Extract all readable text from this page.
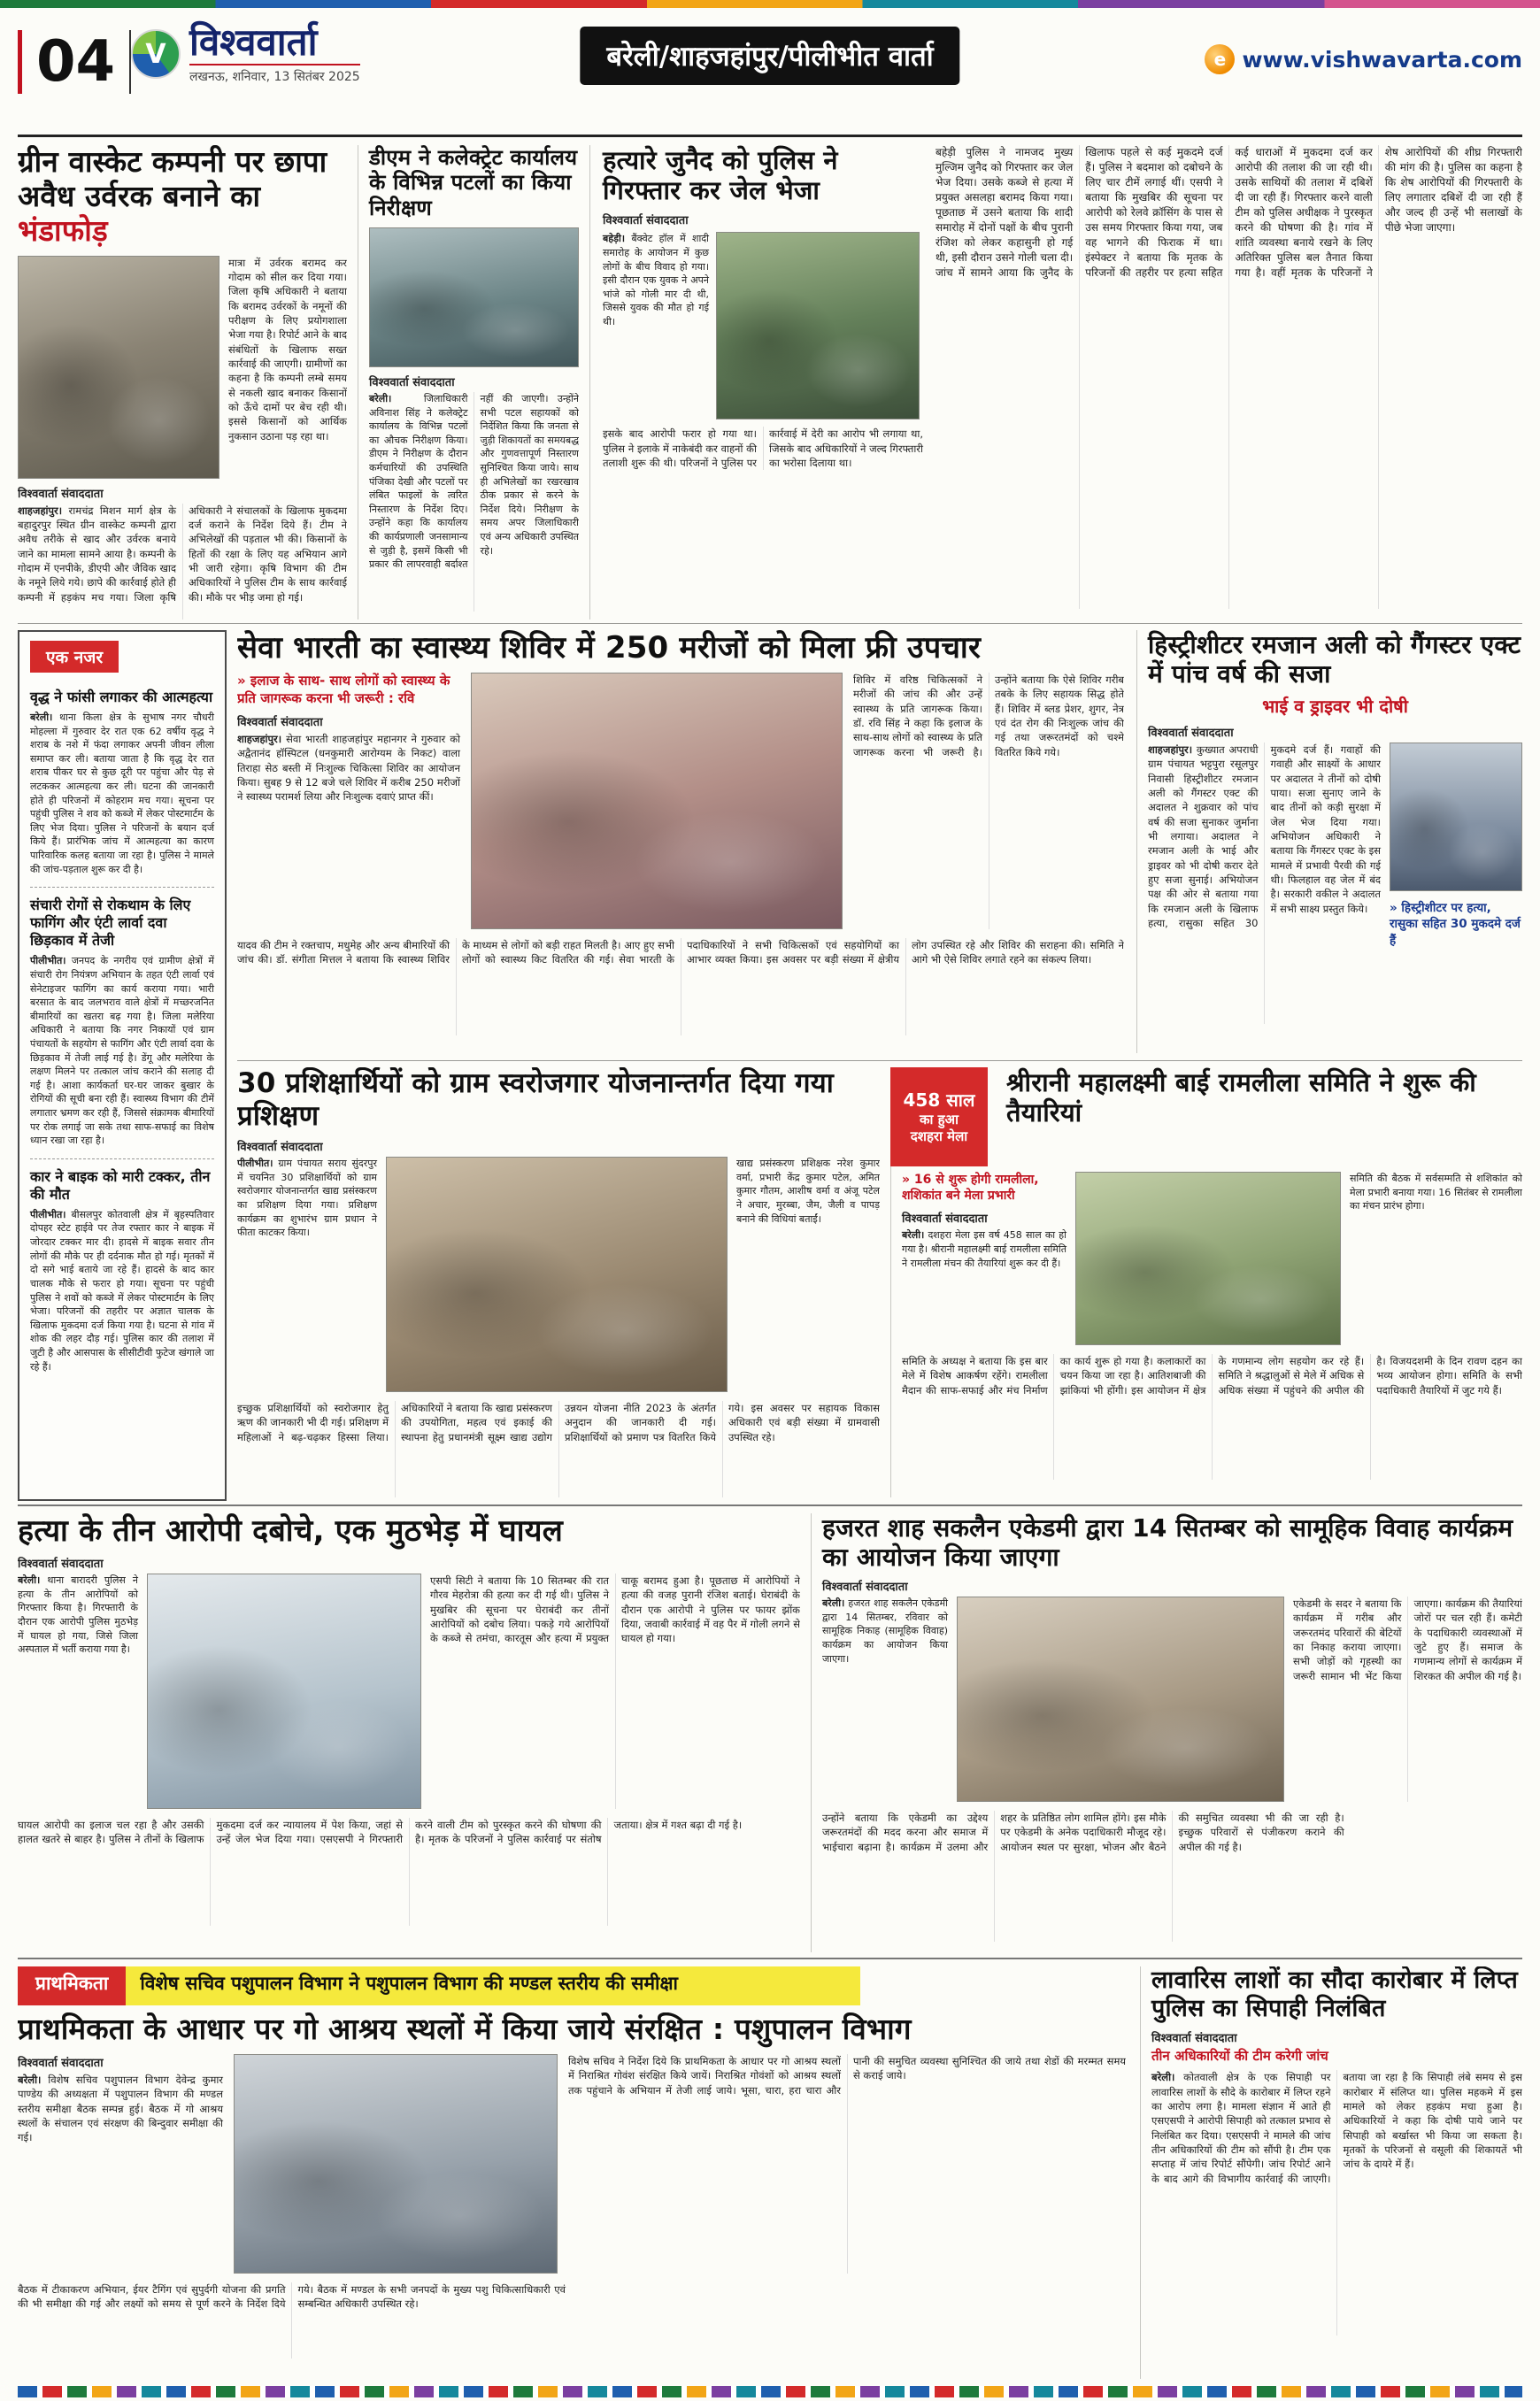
04	V विश्ववार्ता
लखनऊ, शनिवार, 13 सितंबर 2025
बरेली/शाहजहांपुर/पीलीभीत वार्ता	e www.vishwavarta.com
ग्रीन वास्केट कम्पनी पर छापा
अवैध उर्वरक बनाने का भंडाफोड़
मात्रा में उर्वरक बरामद कर गोदाम को सील कर दिया गया। जिला कृषि अधिकारी ने बताया कि बरामद उर्वरकों के नमूनों की परीक्षण के लिए प्रयोगशाला भेजा गया है। रिपोर्ट आने के बाद संबंधितों के खिलाफ सख्त कार्रवाई की जाएगी। ग्रामीणों का कहना है कि कम्पनी लम्बे समय से नकली खाद बनाकर किसानों को ऊँचे दामों पर बेच रही थी। इससे किसानों को आर्थिक नुकसान उठाना पड़ रहा था।
विश्ववार्ता संवाददाता
शाहजहांपुर। रामचंद्र मिशन मार्ग क्षेत्र के बहादुरपुर स्थित ग्रीन वास्केट कम्पनी द्वारा अवैध तरीके से खाद और उर्वरक बनाये जाने का मामला सामने आया है। कम्पनी के गोदाम में एनपीके, डीएपी और जैविक खाद के नमूने लिये गये। छापे की कार्रवाई होते ही कम्पनी में हड़कंप मच गया। जिला कृषि अधिकारी ने संचालकों के खिलाफ मुकदमा दर्ज कराने के निर्देश दिये हैं। टीम ने अभिलेखों की पड़ताल भी की। किसानों के हितों की रक्षा के लिए यह अभियान आगे भी जारी रहेगा। कृषि विभाग की टीम अधिकारियों ने पुलिस टीम के साथ कार्रवाई की। मौके पर भीड़ जमा हो गई।
डीएम ने कलेक्ट्रेट कार्यालय के विभिन्न पटलों का किया निरीक्षण
विश्ववार्ता संवाददाता
बरेली।	जिलाधिकारी अविनाश सिंह ने कलेक्ट्रेट कार्यालय के विभिन्न पटलों का औचक निरीक्षण किया। डीएम ने निरीक्षण के दौरान कर्मचारियों की उपस्थिति पंजिका देखी और पटलों पर लंबित फाइलों के त्वरित निस्तारण के निर्देश दिए। उन्होंने कहा कि कार्यालय की कार्यप्रणाली जनसामान्य से जुड़ी है, इसमें किसी भी प्रकार की लापरवाही बर्दाश्त नहीं की जाएगी। उन्होंने सभी पटल सहायकों को निर्देशित किया कि जनता से जुड़ी शिकायतों का समयबद्ध और गुणवत्तापूर्ण निस्तारण सुनिश्चित किया जाये। साथ ही अभिलेखों का रखरखाव ठीक प्रकार से करने के निर्देश दिये। निरीक्षण के समय अपर जिलाधिकारी एवं अन्य अधिकारी उपस्थित रहे।
हत्यारे जुनैद को पुलिस ने गिरफ्तार कर जेल भेजा
विश्ववार्ता संवाददाता
बहेड़ी। बैंक्वेट हॉल में शादी समारोह के आयोजन में कुछ लोगों के बीच विवाद हो गया। इसी दौरान एक युवक ने अपने भांजे को गोली मार दी थी, जिससे युवक की मौत हो गई थी।
इसके बाद आरोपी फरार हो गया था। पुलिस ने इलाके में नाकेबंदी कर वाहनों की तलाशी शुरू की थी। परिजनों ने पुलिस पर कार्रवाई में देरी का आरोप भी लगाया था, जिसके बाद अधिकारियों ने जल्द गिरफ्तारी का भरोसा दिलाया था।
बहेड़ी पुलिस ने नामजद मुख्य मुल्जिम जुनैद को गिरफ्तार कर जेल भेज दिया। उसके कब्जे से हत्या में प्रयुक्त असलहा बरामद किया गया। पूछताछ में उसने बताया कि शादी समारोह में दोनों पक्षों के बीच पुरानी रंजिश को लेकर कहासुनी हो गई थी, इसी दौरान उसने गोली चला दी। जांच में सामने आया कि जुनैद के खिलाफ पहले से कई मुकदमे दर्ज हैं। पुलिस ने बदमाश को दबोचने के लिए चार टीमें लगाई थीं। एसपी ने बताया कि मुखबिर की सूचना पर आरोपी को रेलवे क्रॉसिंग के पास से उस समय गिरफ्तार किया गया, जब वह भागने की फिराक में था। इंस्पेक्टर ने बताया कि मृतक के परिजनों की तहरीर पर हत्या सहित कई धाराओं में मुकदमा दर्ज कर आरोपी की तलाश की जा रही थी। उसके साथियों की तलाश में दबिशें दी जा रही हैं। गिरफ्तार करने वाली टीम को पुलिस अधीक्षक ने पुरस्कृत करने की घोषणा की है। गांव में शांति व्यवस्था बनाये रखने के लिए अतिरिक्त पुलिस बल तैनात किया गया है। वहीं मृतक के परिजनों ने शेष आरोपियों की शीघ्र गिरफ्तारी की मांग की है। पुलिस का कहना है कि शेष आरोपियों की गिरफ्तारी के लिए लगातार दबिशें दी जा रही हैं और जल्द ही उन्हें भी सलाखों के पीछे भेजा जाएगा।
एक नजर
वृद्ध ने फांसी लगाकर की आत्महत्या
बरेली। थाना किला क्षेत्र के सुभाष नगर चौधरी मोहल्ला में गुरुवार देर रात एक 62 वर्षीय वृद्ध ने शराब के नशे में फंदा लगाकर अपनी जीवन लीला समाप्त कर ली। बताया जाता है कि वृद्ध देर रात शराब पीकर घर से कुछ दूरी पर पहुंचा और पेड़ से लटककर आत्महत्या कर ली। घटना की जानकारी होते ही परिजनों में कोहराम मच गया। सूचना पर पहुंची पुलिस ने शव को कब्जे में लेकर पोस्टमार्टम के लिए भेज दिया। पुलिस ने परिजनों के बयान दर्ज किये हैं। प्रारंभिक जांच में आत्महत्या का कारण पारिवारिक कलह बताया जा रहा है। पुलिस ने मामले की जांच-पड़ताल शुरू कर दी है।
संचारी रोगों से रोकथाम के लिए फागिंग और एंटी लार्वा दवा छिड़काव में तेजी
पीलीभीत। जनपद के नगरीय एवं ग्रामीण क्षेत्रों में संचारी रोग नियंत्रण अभियान के तहत एंटी लार्वा एवं सेनेटाइजर फागिंग का कार्य कराया गया। भारी बरसात के बाद जलभराव वाले क्षेत्रों में मच्छरजनित बीमारियों का खतरा बढ़ गया है। जिला मलेरिया अधिकारी ने बताया कि नगर निकायों एवं ग्राम पंचायतों के सहयोग से फागिंग और एंटी लार्वा दवा के छिड़काव में तेजी लाई गई है। डेंगू और मलेरिया के लक्षण मिलने पर तत्काल जांच कराने की सलाह दी गई है। आशा कार्यकर्ता घर-घर जाकर बुखार के रोगियों की सूची बना रही हैं। स्वास्थ्य विभाग की टीमें लगातार भ्रमण कर रही हैं, जिससे संक्रामक बीमारियों पर रोक लगाई जा सके तथा साफ-सफाई का विशेष ध्यान रखा जा रहा है।
कार ने बाइक को मारी टक्कर, तीन की मौत
पीलीभीत। बीसलपुर कोतवाली क्षेत्र में बृहस्पतिवार दोपहर स्टेट हाईवे पर तेज रफ्तार कार ने बाइक में जोरदार टक्कर मार दी। हादसे में बाइक सवार तीन लोगों की मौके पर ही दर्दनाक मौत हो गई। मृतकों में दो सगे भाई बताये जा रहे हैं। हादसे के बाद कार चालक मौके से फरार हो गया। सूचना पर पहुंची पुलिस ने शवों को कब्जे में लेकर पोस्टमार्टम के लिए भेजा। परिजनों की तहरीर पर अज्ञात चालक के खिलाफ मुकदमा दर्ज किया गया है। घटना से गांव में शोक की लहर दौड़ गई। पुलिस कार की तलाश में जुटी है और आसपास के सीसीटीवी फुटेज खंगाले जा रहे हैं।
सेवा भारती का स्वास्थ्य शिविर में 250 मरीजों को मिला फ्री उपचार
» इलाज के साथ- साथ लोगों को स्वास्थ्य के प्रति जागरूक करना भी जरूरी : रवि
विश्ववार्ता संवाददाता
शाहजहांपुर। सेवा भारती शाहजहांपुर महानगर ने गुरुवार को अद्वैतानंद हॉस्पिटल (धनकुमारी आरोग्यम के निकट) वाला तिराहा सेठ बस्ती में निःशुल्क चिकित्सा शिविर का आयोजन किया। सुबह 9 से 12 बजे चले शिविर में करीब 250 मरीजों ने स्वास्थ्य परामर्श लिया और निःशुल्क दवाएं प्राप्त कीं।
शिविर में वरिष्ठ चिकित्सकों ने मरीजों की जांच की और उन्हें स्वास्थ्य के प्रति जागरूक किया। डॉ. रवि सिंह ने कहा कि इलाज के साथ-साथ लोगों को स्वास्थ्य के प्रति जागरूक करना भी जरूरी है। उन्होंने बताया कि ऐसे शिविर गरीब तबके के लिए सहायक सिद्ध होते हैं। शिविर में ब्लड प्रेशर, शुगर, नेत्र एवं दंत रोग की निःशुल्क जांच की गई तथा जरूरतमंदों को चश्मे वितरित किये गये।
यादव की टीम ने रक्तचाप, मधुमेह और अन्य बीमारियों की जांच की। डॉ. संगीता मित्तल ने बताया कि स्वास्थ्य शिविर के माध्यम से लोगों को बड़ी राहत मिलती है। आए हुए सभी लोगों को स्वास्थ्य किट वितरित की गई। सेवा भारती के पदाधिकारियों ने सभी चिकित्सकों एवं सहयोगियों का आभार व्यक्त किया। इस अवसर पर बड़ी संख्या में क्षेत्रीय लोग उपस्थित रहे और शिविर की सराहना की। समिति ने आगे भी ऐसे शिविर लगाते रहने का संकल्प लिया।
हिस्ट्रीशीटर रमजान अली को गैंगस्टर एक्ट में पांच वर्ष की सजा
भाई व ड्राइवर भी दोषी
विश्ववार्ता संवाददाता
शाहजहांपुर। कुख्यात अपराधी ग्राम पंचायत भट्टपुरा रसूलपुर निवासी हिस्ट्रीशीटर रमजान अली को गैंगस्टर एक्ट की अदालत ने शुक्रवार को पांच वर्ष की सजा सुनाकर जुर्माना भी लगाया। अदालत ने रमजान अली के भाई और ड्राइवर को भी दोषी करार देते हुए सजा सुनाई। अभियोजन पक्ष की ओर से बताया गया कि रमजान अली के खिलाफ हत्या, रासुका सहित 30 मुकदमे दर्ज हैं। गवाहों की गवाही और साक्ष्यों के आधार पर अदालत ने तीनों को दोषी पाया। सजा सुनाए जाने के बाद तीनों को कड़ी सुरक्षा में जेल भेज दिया गया। अभियोजन अधिकारी ने बताया कि गैंगस्टर एक्ट के इस मामले में प्रभावी पैरवी की गई थी। फिलहाल वह जेल में बंद है। सरकारी वकील ने अदालत में सभी साक्ष्य प्रस्तुत किये।	» हिस्ट्रीशीटर पर हत्या, रासुका सहित 30 मुकदमे दर्ज हैं
30 प्रशिक्षार्थियों को ग्राम स्वरोजगार योजनान्तर्गत दिया गया प्रशिक्षण
विश्ववार्ता संवाददाता
पीलीभीत। ग्राम पंचायत सराय सुंदरपुर में चयनित 30 प्रशिक्षार्थियों को ग्राम स्वरोजगार योजनान्तर्गत खाद्य प्रसंस्करण का प्रशिक्षण दिया गया। प्रशिक्षण कार्यक्रम का शुभारंभ ग्राम प्रधान ने फीता काटकर किया।
खाद्य प्रसंस्करण प्रशिक्षक नरेश कुमार वर्मा, प्रभारी केंद्र कुमार पटेल, अमित कुमार गौतम, आशीष वर्मा व अंजू पटेल ने अचार, मुरब्बा, जैम, जैली व पापड़ बनाने की विधियां बताईं।
इच्छुक प्रशिक्षार्थियों को स्वरोजगार हेतु ऋण की जानकारी भी दी गई। प्रशिक्षण में महिलाओं ने बढ़-चढ़कर हिस्सा लिया। अधिकारियों ने बताया कि खाद्य प्रसंस्करण की उपयोगिता, महत्व एवं इकाई की स्थापना हेतु प्रधानमंत्री सूक्ष्म खाद्य उद्योग उन्नयन योजना नीति 2023 के अंतर्गत अनुदान की जानकारी दी गई। प्रशिक्षार्थियों को प्रमाण पत्र वितरित किये गये। इस अवसर पर सहायक विकास अधिकारी एवं बड़ी संख्या में ग्रामवासी उपस्थित रहे।
458 साल
का हुआ
दशहरा मेला
श्रीरानी महालक्ष्मी बाई रामलीला समिति ने शुरू की तैयारियां
» 16 से शुरू होगी रामलीला, शशिकांत बने मेला प्रभारी
विश्ववार्ता संवाददाता
बरेली। दशहरा मेला इस वर्ष 458 साल का हो गया है। श्रीरानी महालक्ष्मी बाई रामलीला समिति ने रामलीला मंचन की तैयारियां शुरू कर दी हैं।
समिति की बैठक में सर्वसम्मति से शशिकांत को मेला प्रभारी बनाया गया। 16 सितंबर से रामलीला का मंचन प्रारंभ होगा।
समिति के अध्यक्ष ने बताया कि इस बार मेले में विशेष आकर्षण रहेंगे। रामलीला मैदान की साफ-सफाई और मंच निर्माण का कार्य शुरू हो गया है। कलाकारों का चयन किया जा रहा है। आतिशबाजी की झांकियां भी होंगी। इस आयोजन में क्षेत्र के गणमान्य लोग सहयोग कर रहे हैं। समिति ने श्रद्धालुओं से मेले में अधिक से अधिक संख्या में पहुंचने की अपील की है। विजयदशमी के दिन रावण दहन का भव्य आयोजन होगा। समिति के सभी पदाधिकारी तैयारियों में जुट गये हैं।
हत्या के तीन आरोपी दबोचे, एक मुठभेड़ में घायल
विश्ववार्ता संवाददाता
बरेली। थाना बारादरी पुलिस ने हत्या के तीन आरोपियों को गिरफ्तार किया है। गिरफ्तारी के दौरान एक आरोपी पुलिस मुठभेड़ में घायल हो गया, जिसे जिला अस्पताल में भर्ती कराया गया है।
एसपी सिटी ने बताया कि 10 सितम्बर की रात गौरव मेहरोत्रा की हत्या कर दी गई थी। पुलिस ने मुखबिर की सूचना पर घेराबंदी कर तीनों आरोपियों को दबोच लिया। पकड़े गये आरोपियों के कब्जे से तमंचा, कारतूस और हत्या में प्रयुक्त चाकू बरामद हुआ है। पूछताछ में आरोपियों ने हत्या की वजह पुरानी रंजिश बताई। घेराबंदी के दौरान एक आरोपी ने पुलिस पर फायर झोंक दिया, जवाबी कार्रवाई में वह पैर में गोली लगने से घायल हो गया।
घायल आरोपी का इलाज चल रहा है और उसकी हालत खतरे से बाहर है। पुलिस ने तीनों के खिलाफ मुकदमा दर्ज कर न्यायालय में पेश किया, जहां से उन्हें जेल भेज दिया गया। एसएसपी ने गिरफ्तारी करने वाली टीम को पुरस्कृत करने की घोषणा की है। मृतक के परिजनों ने पुलिस कार्रवाई पर संतोष जताया। क्षेत्र में गश्त बढ़ा दी गई है।
हजरत शाह सकलैन एकेडमी द्वारा 14 सितम्बर को सामूहिक विवाह कार्यक्रम का आयोजन किया जाएगा
विश्ववार्ता संवाददाता
बरेली। हजरत शाह सकलैन एकेडमी द्वारा 14 सितम्बर, रविवार को सामूहिक निकाह (सामूहिक विवाह) कार्यक्रम का आयोजन किया जाएगा।
एकेडमी के सदर ने बताया कि कार्यक्रम में गरीब और जरूरतमंद परिवारों की बेटियों का निकाह कराया जाएगा। सभी जोड़ों को गृहस्थी का जरूरी सामान भी भेंट किया जाएगा। कार्यक्रम की तैयारियां जोरों पर चल रही हैं। कमेटी के पदाधिकारी व्यवस्थाओं में जुटे हुए हैं। समाज के गणमान्य लोगों से कार्यक्रम में शिरकत की अपील की गई है।
उन्होंने बताया कि एकेडमी का उद्देश्य जरूरतमंदों की मदद करना और समाज में भाईचारा बढ़ाना है। कार्यक्रम में उलमा और शहर के प्रतिष्ठित लोग शामिल होंगे। इस मौके पर एकेडमी के अनेक पदाधिकारी मौजूद रहे। आयोजन स्थल पर सुरक्षा, भोजन और बैठने की समुचित व्यवस्था भी की जा रही है। इच्छुक परिवारों से पंजीकरण कराने की अपील की गई है।
प्राथमिकता	विशेष सचिव पशुपालन विभाग ने पशुपालन विभाग की मण्डल स्तरीय की समीक्षा
प्राथमिकता के आधार पर गो आश्रय स्थलों में किया जाये संरक्षित : पशुपालन विभाग
विश्ववार्ता संवाददाता
बरेली। विशेष सचिव पशुपालन विभाग देवेन्द्र कुमार पाण्डेय की अध्यक्षता में पशुपालन विभाग की मण्डल स्तरीय समीक्षा बैठक सम्पन्न हुई। बैठक में गो आश्रय स्थलों के संचालन एवं संरक्षण की बिन्दुवार समीक्षा की गई।
विशेष सचिव ने निर्देश दिये कि प्राथमिकता के आधार पर गो आश्रय स्थलों में निराश्रित गोवंश संरक्षित किये जायें। निराश्रित गोवंशों को आश्रय स्थलों तक पहुंचाने के अभियान में तेजी लाई जाये। भूसा, चारा, हरा चारा और पानी की समुचित व्यवस्था सुनिश्चित की जाये तथा शेडों की मरम्मत समय से कराई जाये।
बैठक में टीकाकरण अभियान, ईयर टैगिंग एवं सुपुर्दगी योजना की प्रगति की भी समीक्षा की गई और लक्ष्यों को समय से पूर्ण करने के निर्देश दिये गये। बैठक में मण्डल के सभी जनपदों के मुख्य पशु चिकित्साधिकारी एवं सम्बन्धित अधिकारी उपस्थित रहे।
लावारिस लाशों का सौदा कारोबार में लिप्त पुलिस का सिपाही निलंबित
विश्ववार्ता संवाददाता
तीन अधिकारियों की टीम करेगी जांच
बरेली। कोतवाली क्षेत्र के एक सिपाही पर लावारिस लाशों के सौदे के कारोबार में लिप्त रहने का आरोप लगा है। मामला संज्ञान में आते ही एसएसपी ने आरोपी सिपाही को तत्काल प्रभाव से निलंबित कर दिया। एसएसपी ने मामले की जांच तीन अधिकारियों की टीम को सौंपी है। टीम एक सप्ताह में जांच रिपोर्ट सौंपेगी। जांच रिपोर्ट आने के बाद आगे की विभागीय कार्रवाई की जाएगी। बताया जा रहा है कि सिपाही लंबे समय से इस कारोबार में संलिप्त था। पुलिस महकमे में इस मामले को लेकर हड़कंप मचा हुआ है। अधिकारियों ने कहा कि दोषी पाये जाने पर सिपाही को बर्खास्त भी किया जा सकता है। मृतकों के परिजनों से वसूली की शिकायतें भी जांच के दायरे में हैं।
